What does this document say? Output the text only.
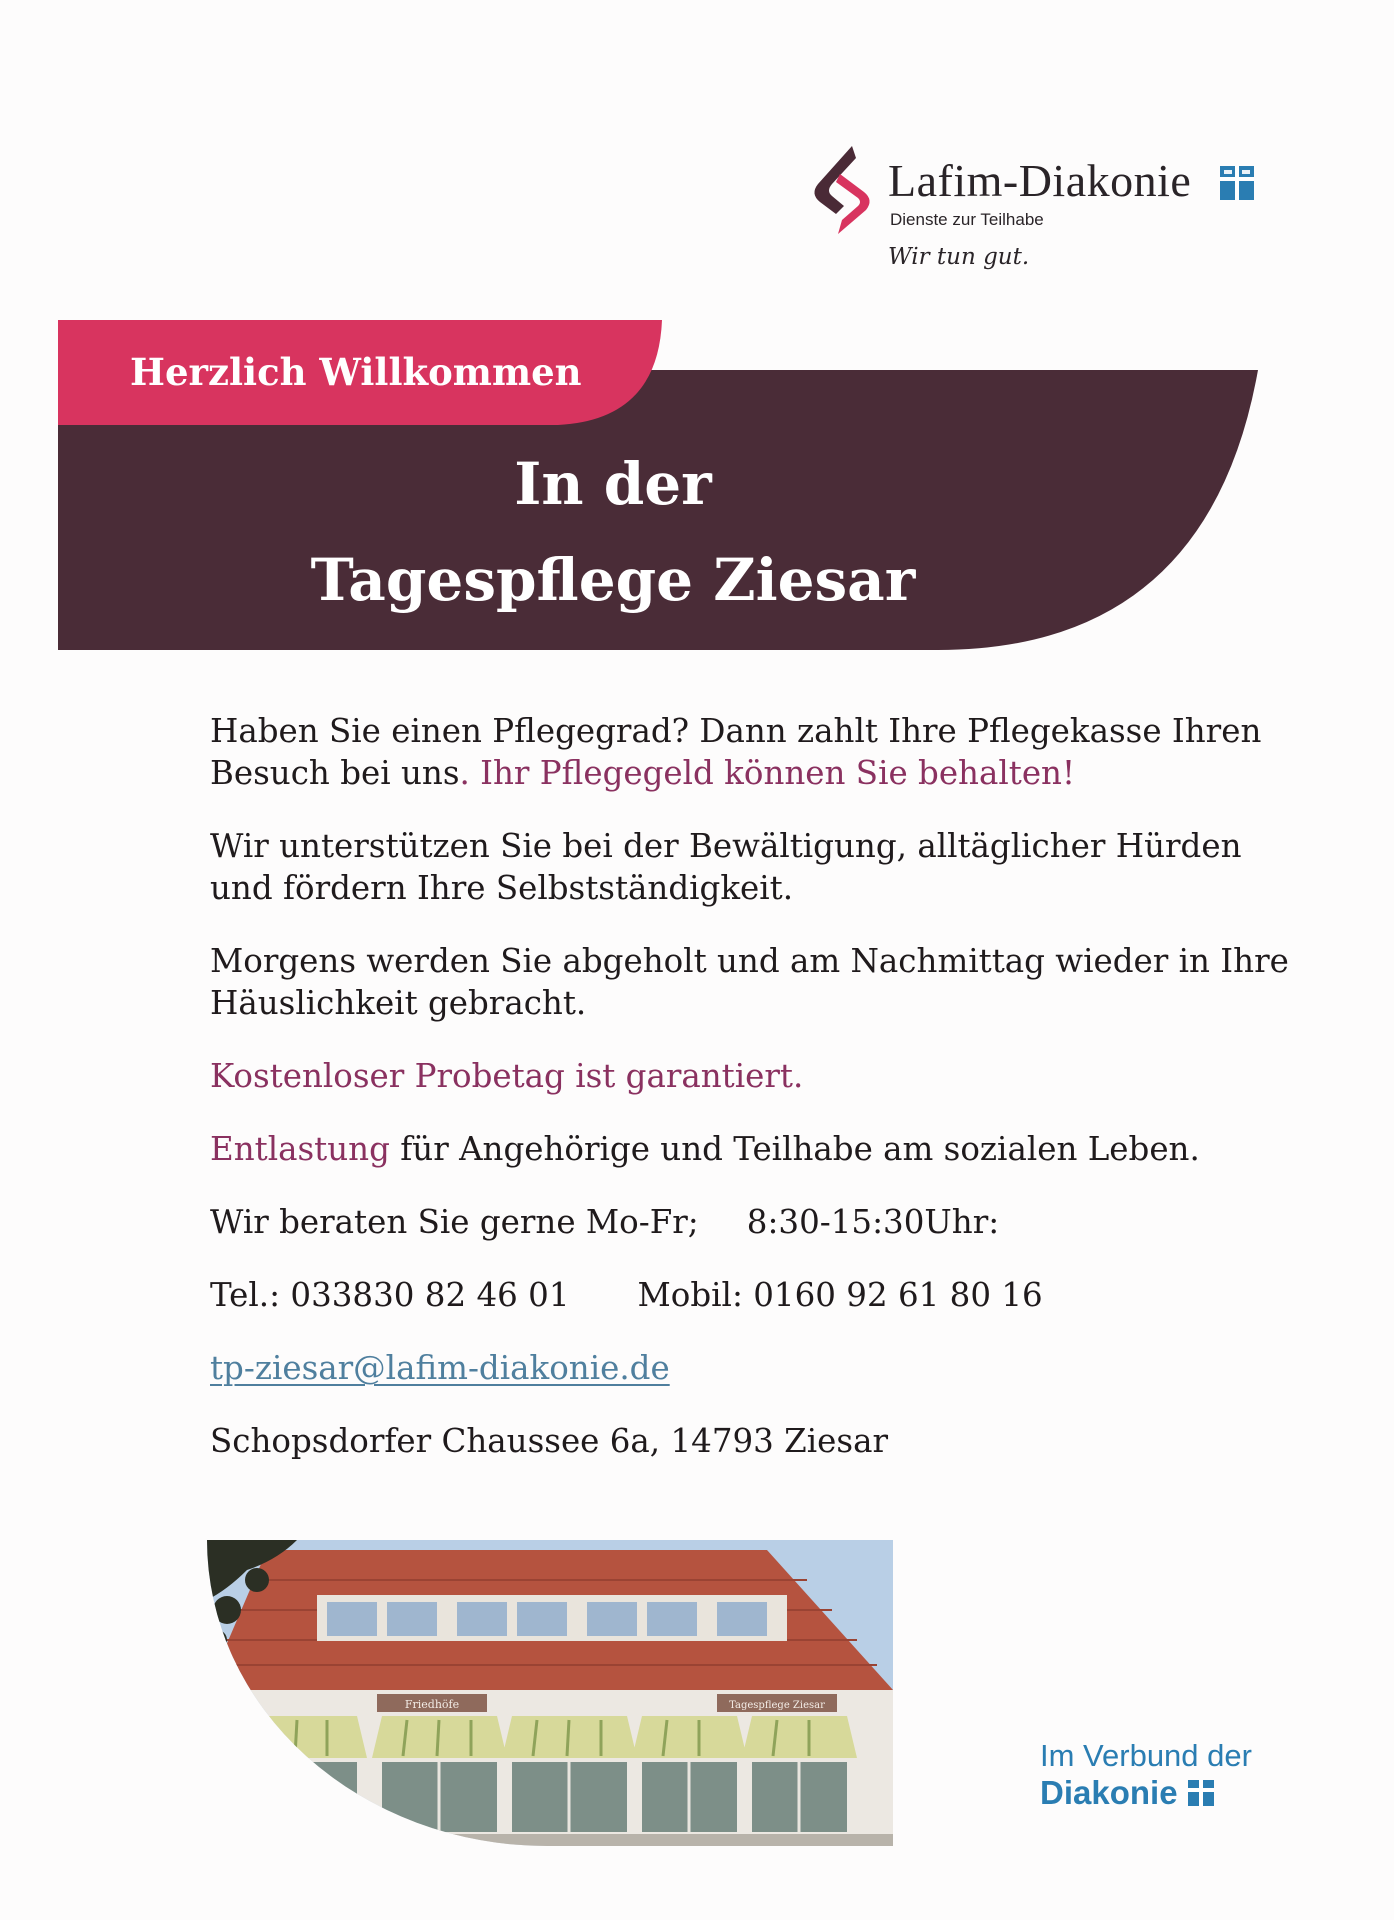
Lafim-Diakonie
Dienste zur Teilhabe
Wir tun gut.
Herzlich Willkommen
In der
Tagespflege Ziesar

Haben Sie einen Pflegegrad? Dann zahlt Ihre Pflegekasse Ihren Besuch bei uns. Ihr Pflegegeld können Sie behalten!

Wir unterstützen Sie bei der Bewältigung, alltäglicher Hürden und fördern Ihre Selbstständigkeit.

Morgens werden Sie abgeholt und am Nachmittag wieder in Ihre Häuslichkeit gebracht.

Kostenloser Probetag ist garantiert.

Entlastung für Angehörige und Teilhabe am sozialen Leben.

Wir beraten Sie gerne Mo-Fr; 8:30-15:30Uhr:

Tel.: 033830 82 46 01 Mobil: 0160 92 61 80 16

tp-ziesar@lafim-diakonie.de

Schopsdorfer Chaussee 6a, 14793 Ziesar

Friedhöfe	Tagespflege Ziesar
Im Verbund der
Diakonie
